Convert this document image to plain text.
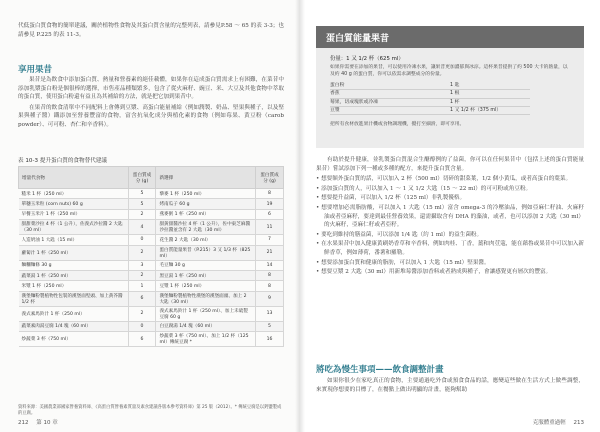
代低蛋白質食物的簡單建議，關於植物性食物及其蛋白質含量的完整列表，請參見P.58 ～ 65 的表 3-3；也請參見 P.225 的表 11-3。

享用果昔

果昔是為飲食中添加蛋白質、熱量和營養素的絕佳載體，如果你在這成蛋白質需求上有困難，在菜昔中添加乳漿蛋白粉是個很棒的選擇，市售產品種類繁多，包含了從火麻籽、豌豆、米、大豆及其他食物中萃取的蛋白質，使用蛋白粉還有益且為其補給的方法，就是把它加到果昔中。

在果昔的飲食清單中不同配料上會傳到豆漿、高蛋白能量補給（例如潤製、奶品、堅果與種子，以及堅果與種子醬）鐵添加至營養豐富的食物，富含抗氧化成分與植化素的食物（例如莓果、黃豆粉（carob powder）、可可粉、杏仁和辛香料）。

表 10-3 提升蛋白質的食物替代建議
增量代食物	蛋白質成分 (g)	新選擇	蛋白質成分 (g)
糙米 1 杯（250 ml）	5	藜麥 1 杯（250 ml）	8
單穗玉米粒 (corn nuts) 60 g	5	烤南瓜子 60 g	19
早餐玉米片 1 杯（250 ml）	2	燕麥粥 1 杯（250 ml）	6
甜甜菜沙拉 4 杯（1 公升），佐義式沙拉醬 2 大匙（30 ml）	4	甜黃甜醬沙拉 4 杯（1 公升），佐中東芝麻醬沙拉醬並含有 2 大匙（30 ml）	11
人造奶油 1 大匙（15 ml）	0	花生醬 2 大匙（30 ml）	7
蘿蔔汁 1 杯（250 ml）	2	蛋白質能量果昔（P.215）3 又 1/3 杯（825 ml）	21
麵糰麵條 30 g	3	毛豆麵 30 g	14
蔬菜湯 1 杯（250 ml）	2	黑豆湯 1 杯（250 ml）	8
米漿 1 杯（250 ml）	1	豆漿 1 杯（250 ml）	8
漢堡麵粉製植物性包裝的漢堡面堅頭、加上黃芥醬 1/2 杯	6	漢堡麵粉製植物性漢堡的漢堡面頭、加上 2 大匙（30 ml）	9
義式素馬鈴汁 1 杯（250 ml）	2	義式素馬鈴汁 1 杯（250 ml）、加上未硫製豆腐 60 g	13
蔬菜素肉湯豆腐 1/4 塊（60 ml）	0	白豆腐湯 1/4 塊（60 ml）	5
炒蔬菜 3 杯（750 ml）	6	炒蔬菜 3 杯（750 ml）、加上 1/2 杯（125 ml）傳統豆腐 *	16
資料來源：美國農業部國家營養資料庫、《高蛋白質營養素質量及素食建議各版本參考資料庫》第 25 版（2012）。* 傳統豆腐是以鈣鹽製成的豆腐。
212 第 10 章
蛋白質能量果昔
份量：1 又 1/2 杯（625 ml）
如果你需要在添加的果昔，可以使用冷凍水果，讓果昔更加濃郁與冰涼。這杯果昔提供了約 500 大卡的熱量，以及約 40 g 的蛋白質，你可以依需求調整成分的份量。
蛋白粉	1 匙
香蕉	1 根
莓果，切成塊狀或冷凍	1 杯
豆漿	1 又 1/2 杯（375 ml）
把所有食材放進果汁機或食物調理機，攪打至細滑，即可享用。

有助於提升健康，並乳製蛋白質混合生醣醇例的了益菌，你可以在任何果昔中（包括上述的蛋白質能量果昔）嘗試添加下列一種或多種的配方，來提升蛋白質含量。

• 想要額外蛋白質的話，可以加入 2 杯（500 ml）切碎的甜菜葉，1/2 個小黃瓜，或者高蛋白的葉菜。

• 添加蛋白質的人，可以加入 1 ～ 1 又 1/2 大匙（15 ～ 22 ml）的可可粉或角豆粉。

• 想要提升益菌，可以加入 1/2 杯（125 ml）非乳製優格。

• 想要增加必需脂肪酸，可以加入 1 大匙（15 ml）富含 omega-3 的冷壓油品，例如亞麻仁籽油、火麻籽油或者亞麻籽，要達到最佳營養效果，還需攝取含有 DHA 的藻油，或者，也可以添加 2 大匙（30 ml）的火麻籽，亞麻仁籽或者亞籽。

• 要吃到維持的膳益菌，可以添加 1/4 匙（約 1 ml）的益生菌粉。

• 在水果果昔中加入健康黃刷奶香草和辛香料，例如肉桂、丁香，薑和肉荳蔻，能在藉魯或果昔中可以加入新鮮香草，例如薄荷，番薯和羅勒。

• 想要添加蛋白質和健康的脂肪，可以加入 1 大匙（15 ml）堅果醬。

• 想要豆漿 2 大匙（30 ml）用新堆莓醬添加香料或者熟成與種子，會讓感覺更有層次的豐富。

將吃為慢生事項——飲食調整計畫

如果你很少在家吃真正的食物，主要通過吃外食或預食食品的話，應變這些做在生活方式上做些調整，來實現你想要的目標了，在餐點上做出明顯的計畫，能夠幫助

克服體重過輕 213
